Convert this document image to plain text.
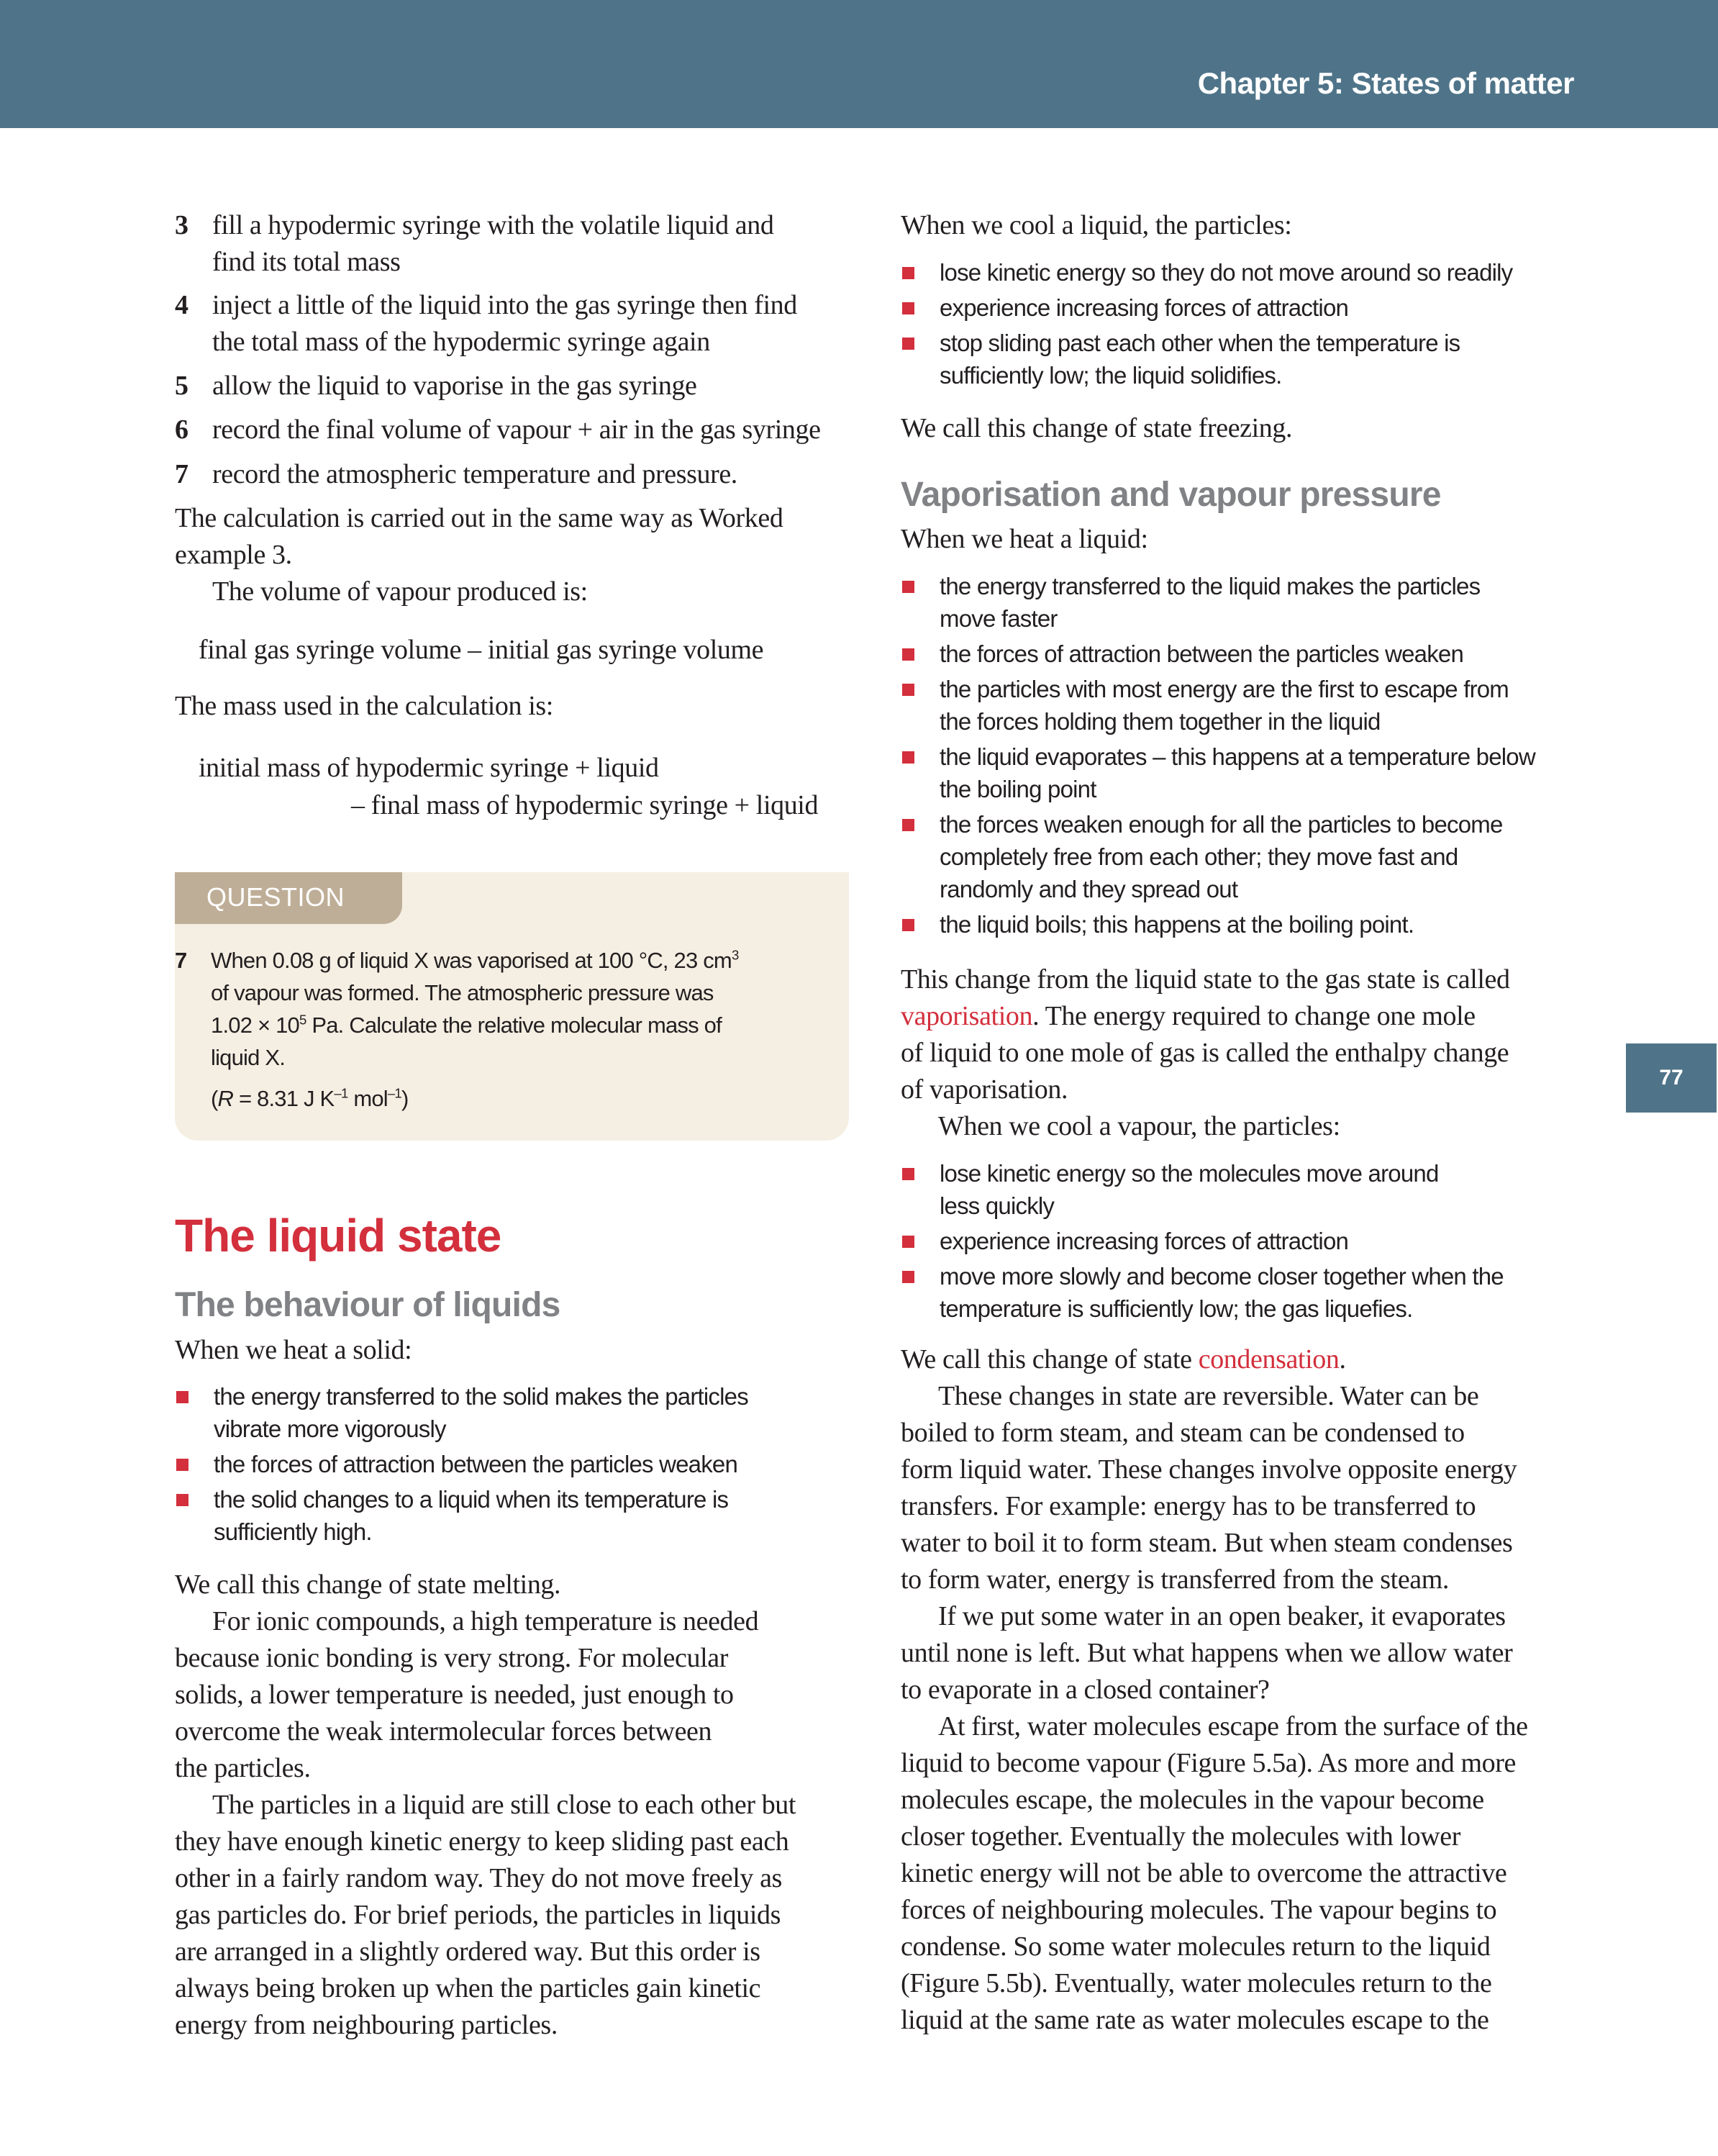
Chapter 5: States of matter
77
3 fill a hypodermic syringe with the volatile liquid and
find its total mass
4 inject a little of the liquid into the gas syringe then find
the total mass of the hypodermic syringe again
5 allow the liquid to vaporise in the gas syringe
6 record the final volume of vapour + air in the gas syringe
7 record the atmospheric temperature and pressure.
The calculation is carried out in the same way as Worked
example 3.
The volume of vapour produced is:
final gas syringe volume – initial gas syringe volume
The mass used in the calculation is:
initial mass of hypodermic syringe + liquid
– final mass of hypodermic syringe + liquid
QUESTION
7 When 0.08 g of liquid X was vaporised at 100 °C, 23 $cm^3$
of vapour was formed. The atmospheric pressure was
$1.02 \times 10^5$ Pa. Calculate the relative molecular mass of
liquid X.
(R = 8.31 J $K^{-1}$ mol$^{-1}$)
The liquid state
The behaviour of liquids
When we heat a solid:
the energy transferred to the solid makes the particles
vibrate more vigorously
the forces of attraction between the particles weaken
the solid changes to a liquid when its temperature is
sufficiently high.
We call this change of state melting.
For ionic compounds, a high temperature is needed
because ionic bonding is very strong. For molecular
solids, a lower temperature is needed, just enough to
overcome the weak intermolecular forces between
the particles.
The particles in a liquid are still close to each other but
they have enough kinetic energy to keep sliding past each
other in a fairly random way. They do not move freely as
gas particles do. For brief periods, the particles in liquids
are arranged in a slightly ordered way. But this order is
always being broken up when the particles gain kinetic
energy from neighbouring particles.
When we cool a liquid, the particles:
lose kinetic energy so they do not move around so readily
experience increasing forces of attraction
stop sliding past each other when the temperature is
sufficiently low; the liquid solidifies.
We call this change of state freezing.
Vaporisation and vapour pressure
When we heat a liquid:
the energy transferred to the liquid makes the particles
move faster
the forces of attraction between the particles weaken
the particles with most energy are the first to escape from
the forces holding them together in the liquid
the liquid evaporates – this happens at a temperature below
the boiling point
the forces weaken enough for all the particles to become
completely free from each other; they move fast and
randomly and they spread out
the liquid boils; this happens at the boiling point.
This change from the liquid state to the gas state is called
vaporisation. The energy required to change one mole
of liquid to one mole of gas is called the enthalpy change
of vaporisation.
When we cool a vapour, the particles:
lose kinetic energy so the molecules move around
less quickly
experience increasing forces of attraction
move more slowly and become closer together when the
temperature is sufficiently low; the gas liquefies.
We call this change of state condensation.
These changes in state are reversible. Water can be
boiled to form steam, and steam can be condensed to
form liquid water. These changes involve opposite energy
transfers. For example: energy has to be transferred to
water to boil it to form steam. But when steam condenses
to form water, energy is transferred from the steam.
If we put some water in an open beaker, it evaporates
until none is left. But what happens when we allow water
to evaporate in a closed container?
At first, water molecules escape from the surface of the
liquid to become vapour (Figure 5.5a). As more and more
molecules escape, the molecules in the vapour become
closer together. Eventually the molecules with lower
kinetic energy will not be able to overcome the attractive
forces of neighbouring molecules. The vapour begins to
condense. So some water molecules return to the liquid
(Figure 5.5b). Eventually, water molecules return to the
liquid at the same rate as water molecules escape to the
